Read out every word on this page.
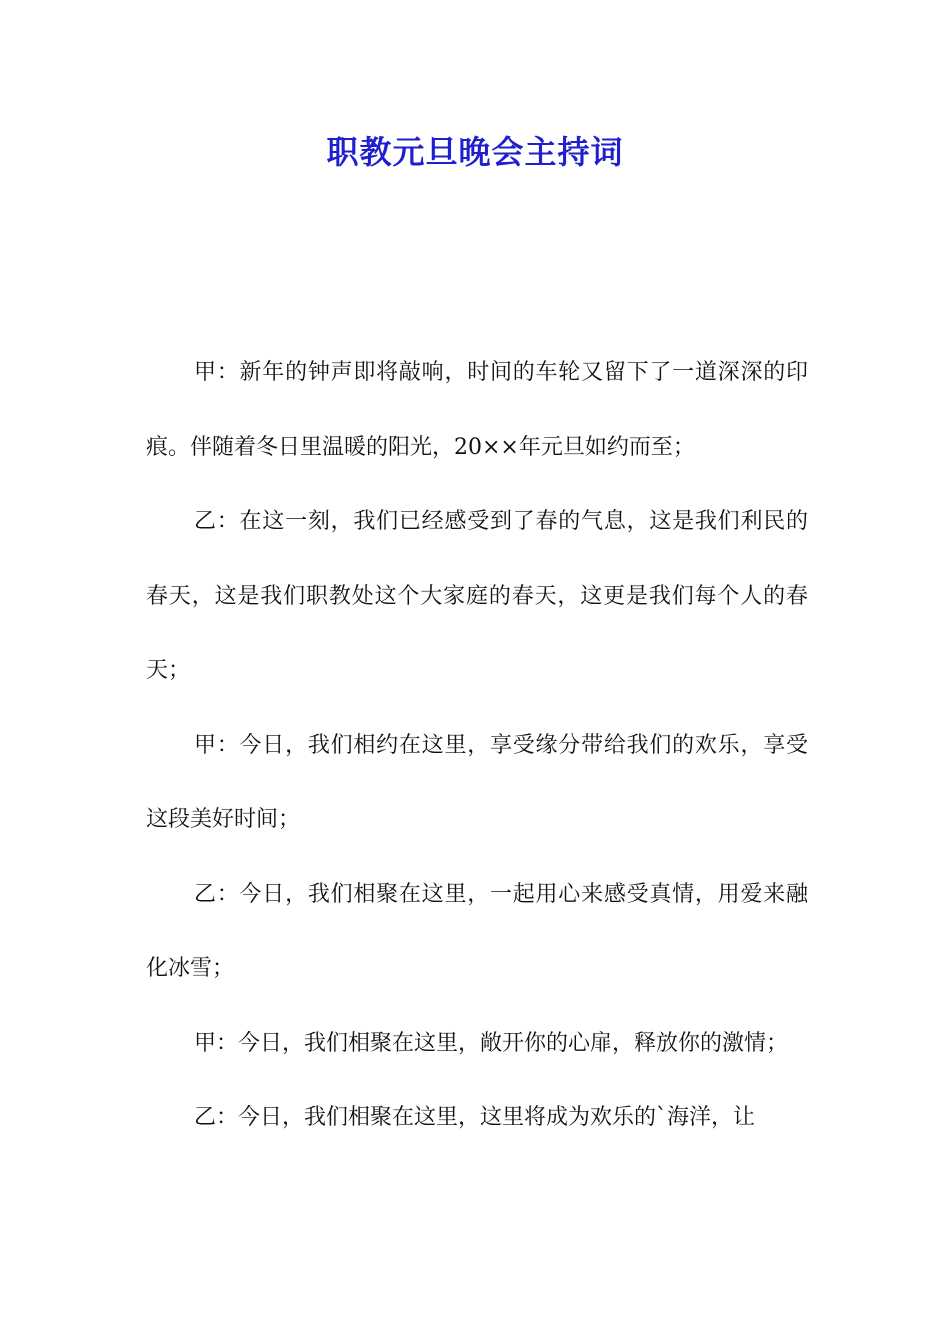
职教元旦晚会主持词

甲：新年的钟声即将敲响，时间的车轮又留下了一道深深的印痕。伴随着冬日里温暖的阳光，20××年元旦如约而至；

乙：在这一刻，我们已经感受到了春的气息，这是我们利民的春天，这是我们职教处这个大家庭的春天，这更是我们每个人的春天；

甲：今日，我们相约在这里，享受缘分带给我们的欢乐，享受这段美好时间；

乙：今日，我们相聚在这里，一起用心来感受真情，用爱来融化冰雪；

甲：今日，我们相聚在这里，敞开你的心扉，释放你的激情；

乙：今日，我们相聚在这里，这里将成为欢乐的`海洋，让
